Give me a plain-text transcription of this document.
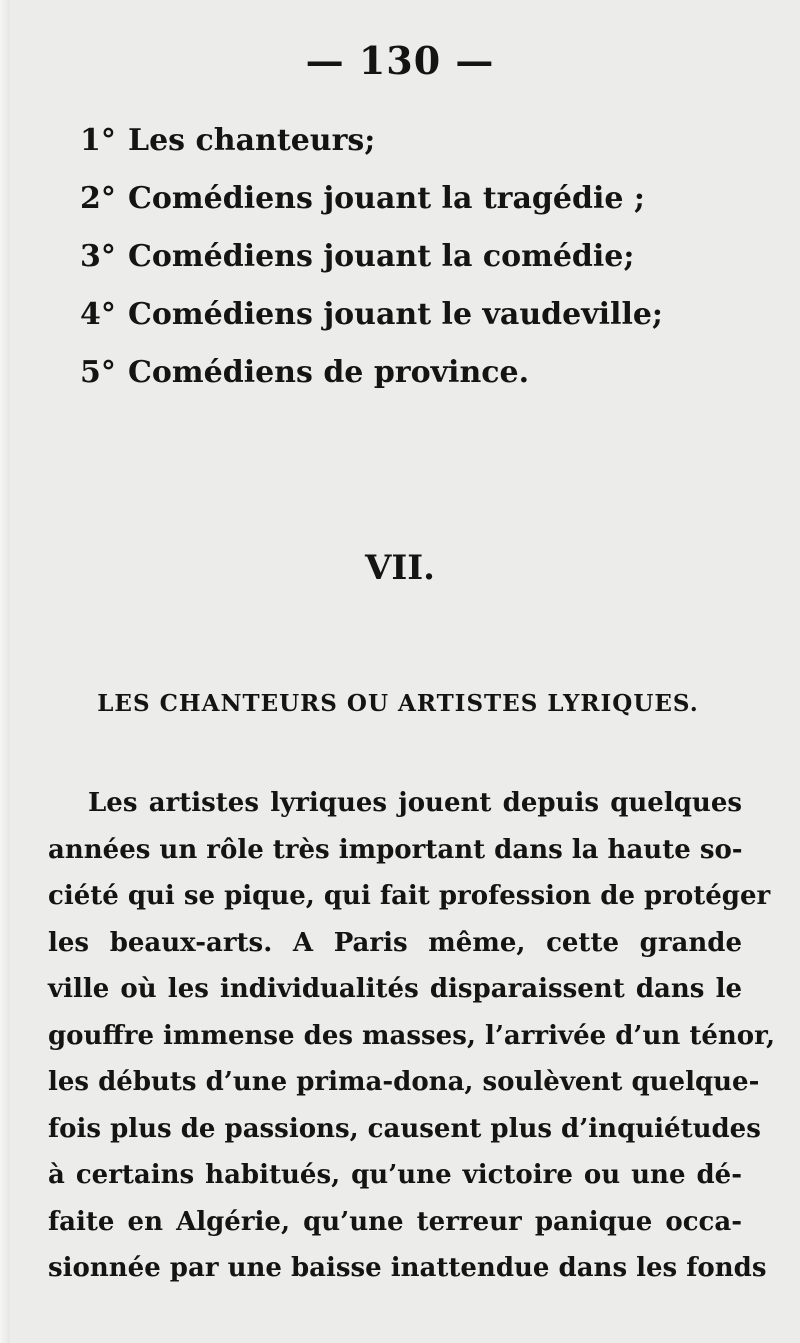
— 130 —
1° Les chanteurs;
2° Comédiens jouant la tragédie ;
3° Comédiens jouant la comédie;
4° Comédiens jouant le vaudeville;
5° Comédiens de province.
VII.
LES CHANTEURS OU ARTISTES LYRIQUES.
Les artistes lyriques jouent depuis quelques
années un rôle très important dans la haute so-
ciété qui se pique, qui fait profession de protéger
les beaux-arts. A Paris même, cette grande
ville où les individualités disparaissent dans le
gouffre immense des masses, l’arrivée d’un ténor,
les débuts d’une prima-dona, soulèvent quelque-
fois plus de passions, causent plus d’inquiétudes
à certains habitués, qu’une victoire ou une dé-
faite en Algérie, qu’une terreur panique occa-
sionnée par une baisse inattendue dans les fonds
